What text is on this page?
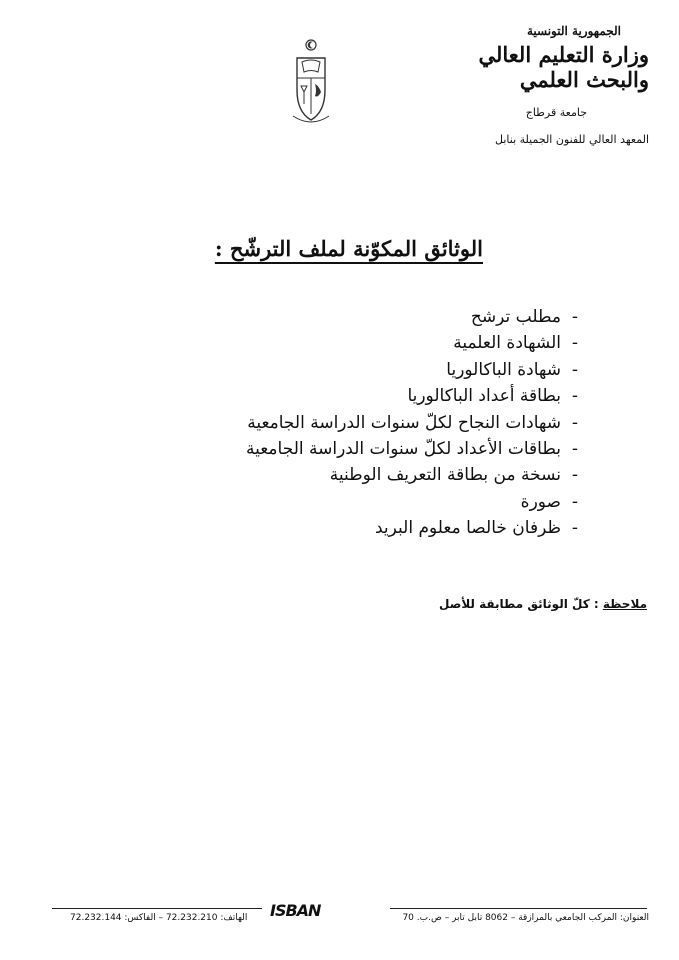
الجمهورية التونسية
وزارة التعليم العالي
والبحث العلمي
جامعة قرطاج
المعهد العالي للفنون الجميلة بنابل
الوثائق المكوّنة لملف الترشّح :
-مطلب ترشح
-الشهادة العلمية
-شهادة الباكالوريا
-بطاقة أعداد الباكالوريا
-شهادات النجاح لكلّ سنوات الدراسة الجامعية
-بطاقات الأعداد لكلّ سنوات الدراسة الجامعية
-نسخة من بطاقة التعريف الوطنية
-صورة
-ظرفان خالصا معلوم البريد
ملاحظة : كلّ الوثائق مطابقة للأصل
العنوان: المركب الجامعي بالمرازقة – 8062 تابل تابر – ص.ب. 70
ISBAN
الهاتف: 72.232.210 – الفاكس: 72.232.144
